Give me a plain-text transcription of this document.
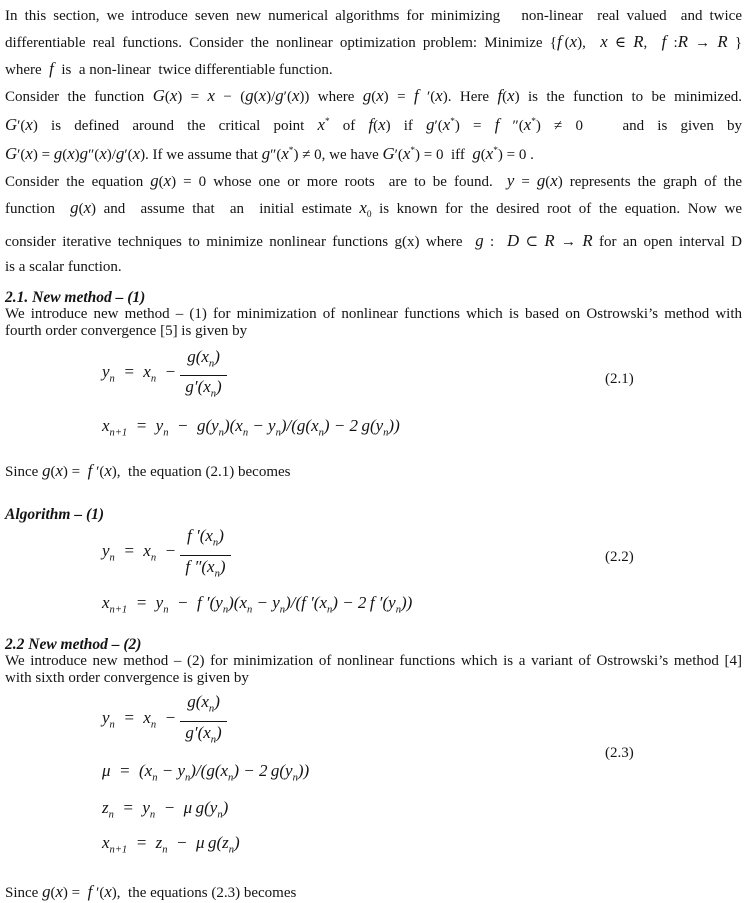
In this section, we introduce seven new numerical algorithms for minimizing   non-linear  real valued  and twice
differentiable real functions. Consider the nonlinear optimization problem: Minimize {f (x),  x ∈ R,  f :R → R }
where  f  is  a non-linear  twice differentiable function.

Consider the function G(x) = x − (g(x)/g′(x)) where g(x) = f ′(x). Here f(x) is the function to be minimized.
G′(x) is defined around the critical point x* of f(x) if g′(x*) = f ″(x*) ≠ 0   and is given by
G′(x) = g(x)g″(x)/g′(x). If we assume that g″(x*) ≠ 0, we have G′(x*) = 0  iff  g(x*) = 0 .

Consider the equation g(x) = 0 whose one or more roots  are to be found.  y = g(x) represents the graph of the
function  g(x) and  assume that  an  initial estimate $x_0$ is known for the desired root of the equation. Now we
consider iterative techniques to minimize nonlinear functions g(x) where  g :  D ⊂ R → R for an open interval D
is a scalar function.

2.1. New method – (1)

We introduce new method – (1) for minimization of nonlinear functions which is based on Ostrowski’s method with
fourth order convergence [5] is given by

$y_n = x_n - \frac{g(x_n)}{g'(x_n)}$
$x_{n+1} = y_n - g(y_n)(x_n - y_n)/(g(x_n) - 2$ $g(y_n)$)
(2.1)

Since g(x) =  f ′(x),  the equation (2.1) becomes

Algorithm – (1)
$y_n = x_n - \frac{f '(x_n)}{f ''(x_n)}$
$x_{n+1} = y_n - f$ $'(y_n)(x_n - y_n)/(f$ $'(x_n) - 2$ f $'(y_n)$)
(2.2)
2.2 New method – (2)

We introduce new method – (2) for minimization of nonlinear functions which is a variant of Ostrowski’s method [4]
with sixth order convergence is given by

$y_n = x_n - \frac{g(x_n)}{g'(x_n)}$
$\mu = (x_n - y_n)/(g(x_n) - 2$ $g(y_n)$)
$z_n = y_n - \mu$ $g(y_n)$
$x_{n+1} = z_n - \mu$ $g(z_n)$
(2.3)

Since g(x) =  f ′(x),  the equations (2.3) becomes
